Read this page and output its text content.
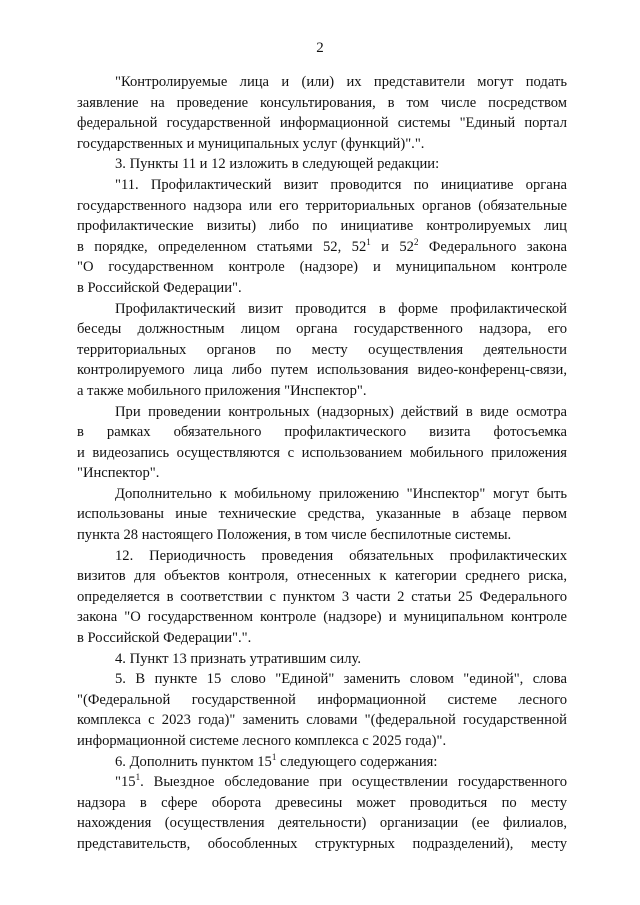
2
"Контролируемые лица и (или) их представители могут подать
заявление на проведение консультирования, в том числе посредством
федеральной государственной информационной системы "Единый портал
государственных и муниципальных услуг (функций)".".
3. Пункты 11 и 12 изложить в следующей редакции:
"11. Профилактический визит проводится по инициативе органа
государственного надзора или его территориальных органов (обязательные
профилактические визиты) либо по инициативе контролируемых лиц
в порядке, определенном статьями 52, $52^1$ и $52^2$ Федерального закона
"О государственном контроле (надзоре) и муниципальном контроле
в Российской Федерации".
Профилактический визит проводится в форме профилактической
беседы должностным лицом органа государственного надзора, его
территориальных органов по месту осуществления деятельности
контролируемого лица либо путем использования видео-конференц-связи,
а также мобильного приложения "Инспектор".
При проведении контрольных (надзорных) действий в виде осмотра
в рамках обязательного профилактического визита фотосъемка
и видеозапись осуществляются с использованием мобильного приложения
"Инспектор".
Дополнительно к мобильному приложению "Инспектор" могут быть
использованы иные технические средства, указанные в абзаце первом
пункта 28 настоящего Положения, в том числе беспилотные системы.
12. Периодичность проведения обязательных профилактических
визитов для объектов контроля, отнесенных к категории среднего риска,
определяется в соответствии с пунктом 3 части 2 статьи 25 Федерального
закона "О государственном контроле (надзоре) и муниципальном контроле
в Российской Федерации".".
4. Пункт 13 признать утратившим силу.
5. В пункте 15 слово "Единой" заменить словом "единой", слова
"(Федеральной государственной информационной системе лесного
комплекса с 2023 года)" заменить словами "(федеральной государственной
информационной системе лесного комплекса с 2025 года)".
6. Дополнить пунктом $15^1$ следующего содержания:
"$15^1$. Выездное обследование при осуществлении государственного
надзора в сфере оборота древесины может проводиться по месту
нахождения (осуществления деятельности) организации (ее филиалов,
представительств, обособленных структурных подразделений), месту
